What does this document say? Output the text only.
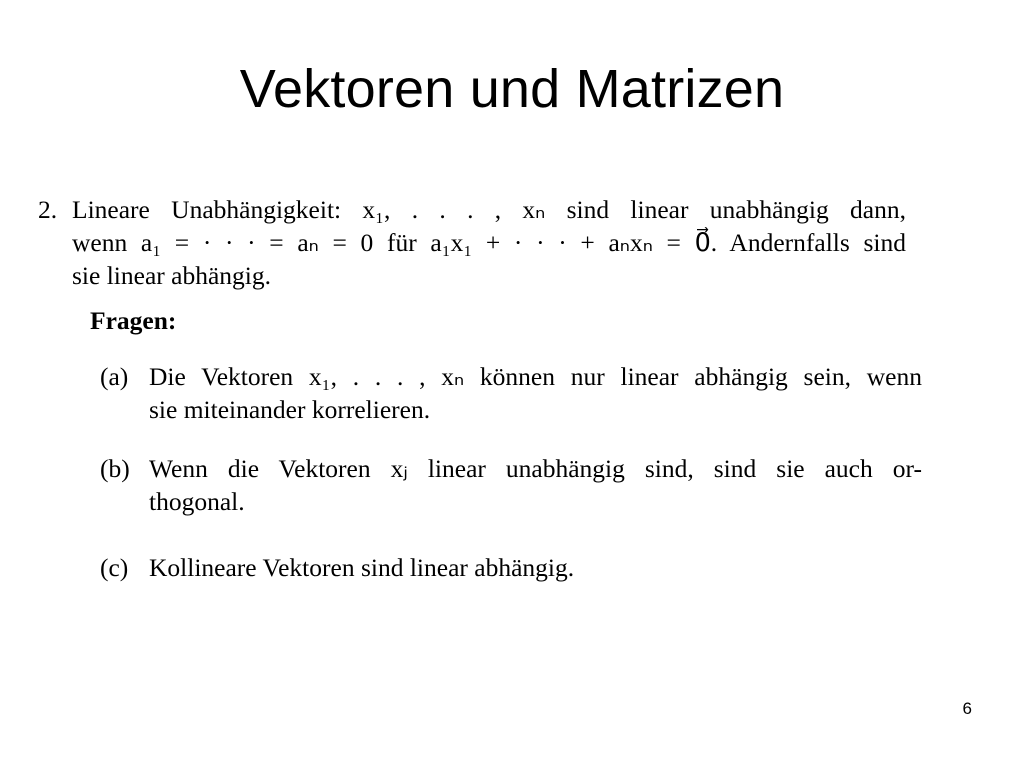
Vektoren und Matrizen
2. Lineare Unabhängigkeit: x₁, . . . , xₙ sind linear unabhängig dann,
wenn a₁ = · · · = aₙ = 0 für a₁x₁ + · · · + aₙxₙ = 0⃗. Andernfalls sind
sie linear abhängig.
Fragen:
(a) Die Vektoren x₁, . . . , xₙ können nur linear abhängig sein, wenn
sie miteinander korrelieren.
(b) Wenn die Vektoren xⱼ linear unabhängig sind, sind sie auch or-
thogonal.
(c) Kollineare Vektoren sind linear abhängig.
6
